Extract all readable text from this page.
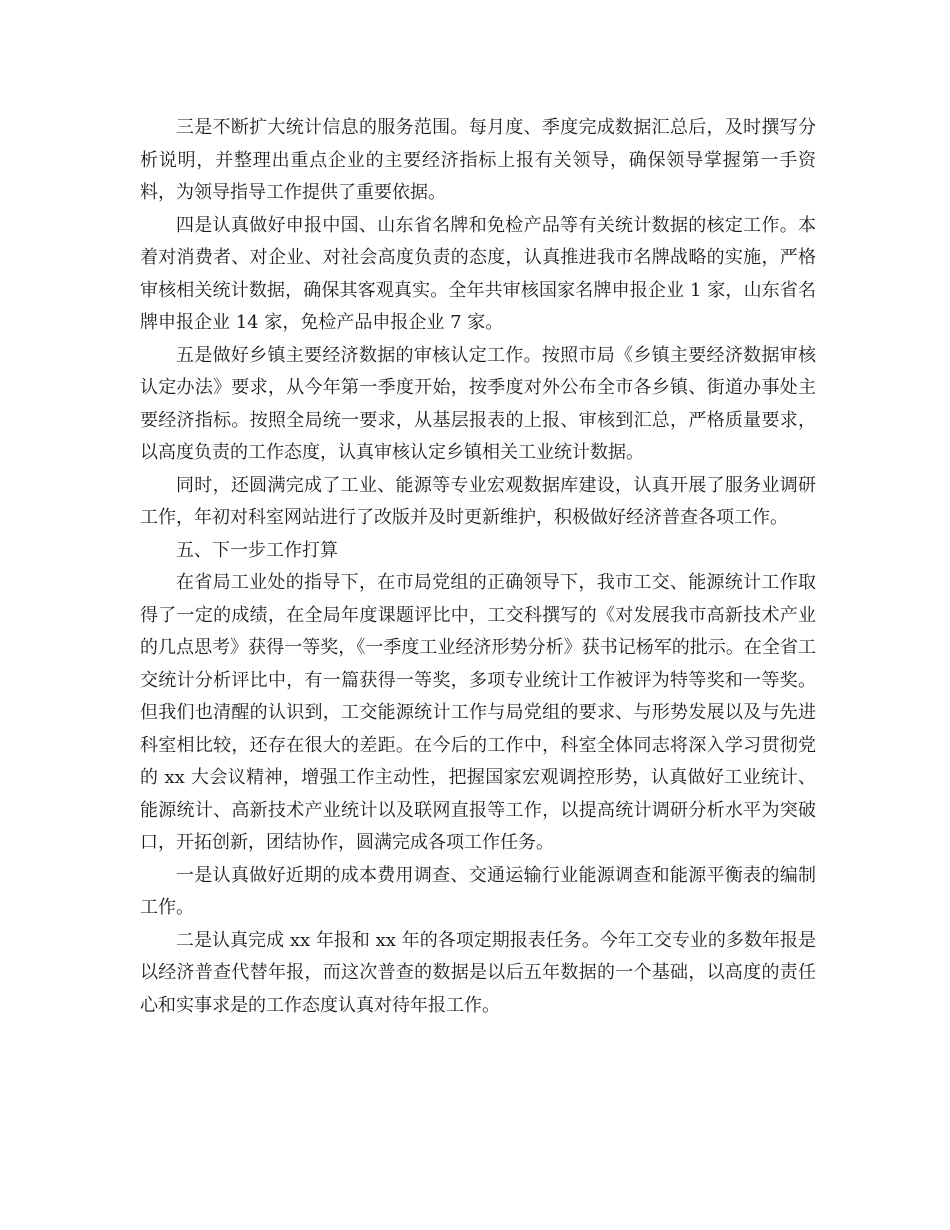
三是不断扩大统计信息的服务范围。每月度、季度完成数据汇总后，及时撰写分析说明，并整理出重点企业的主要经济指标上报有关领导，确保领导掌握第一手资料，为领导指导工作提供了重要依据。

四是认真做好申报中国、山东省名牌和免检产品等有关统计数据的核定工作。本着对消费者、对企业、对社会高度负责的态度，认真推进我市名牌战略的实施，严格审核相关统计数据，确保其客观真实。全年共审核国家名牌申报企业 1 家，山东省名牌申报企业 14 家，免检产品申报企业 7 家。

五是做好乡镇主要经济数据的审核认定工作。按照市局《乡镇主要经济数据审核认定办法》要求，从今年第一季度开始，按季度对外公布全市各乡镇、街道办事处主要经济指标。按照全局统一要求，从基层报表的上报、审核到汇总，严格质量要求，以高度负责的工作态度，认真审核认定乡镇相关工业统计数据。

同时，还圆满完成了工业、能源等专业宏观数据库建设，认真开展了服务业调研工作，年初对科室网站进行了改版并及时更新维护，积极做好经济普查各项工作。

五、下一步工作打算

在省局工业处的指导下，在市局党组的正确领导下，我市工交、能源统计工作取得了一定的成绩，在全局年度课题评比中，工交科撰写的《对发展我市高新技术产业的几点思考》获得一等奖，《一季度工业经济形势分析》获书记杨军的批示。在全省工交统计分析评比中，有一篇获得一等奖，多项专业统计工作被评为特等奖和一等奖。但我们也清醒的认识到，工交能源统计工作与局党组的要求、与形势发展以及与先进科室相比较，还存在很大的差距。在今后的工作中，科室全体同志将深入学习贯彻党的 xx 大会议精神，增强工作主动性，把握国家宏观调控形势，认真做好工业统计、能源统计、高新技术产业统计以及联网直报等工作，以提高统计调研分析水平为突破口，开拓创新，团结协作，圆满完成各项工作任务。

一是认真做好近期的成本费用调查、交通运输行业能源调查和能源平衡表的编制工作。

二是认真完成 xx 年报和 xx 年的各项定期报表任务。今年工交专业的多数年报是以经济普查代替年报，而这次普查的数据是以后五年数据的一个基础，以高度的责任心和实事求是的工作态度认真对待年报工作。
